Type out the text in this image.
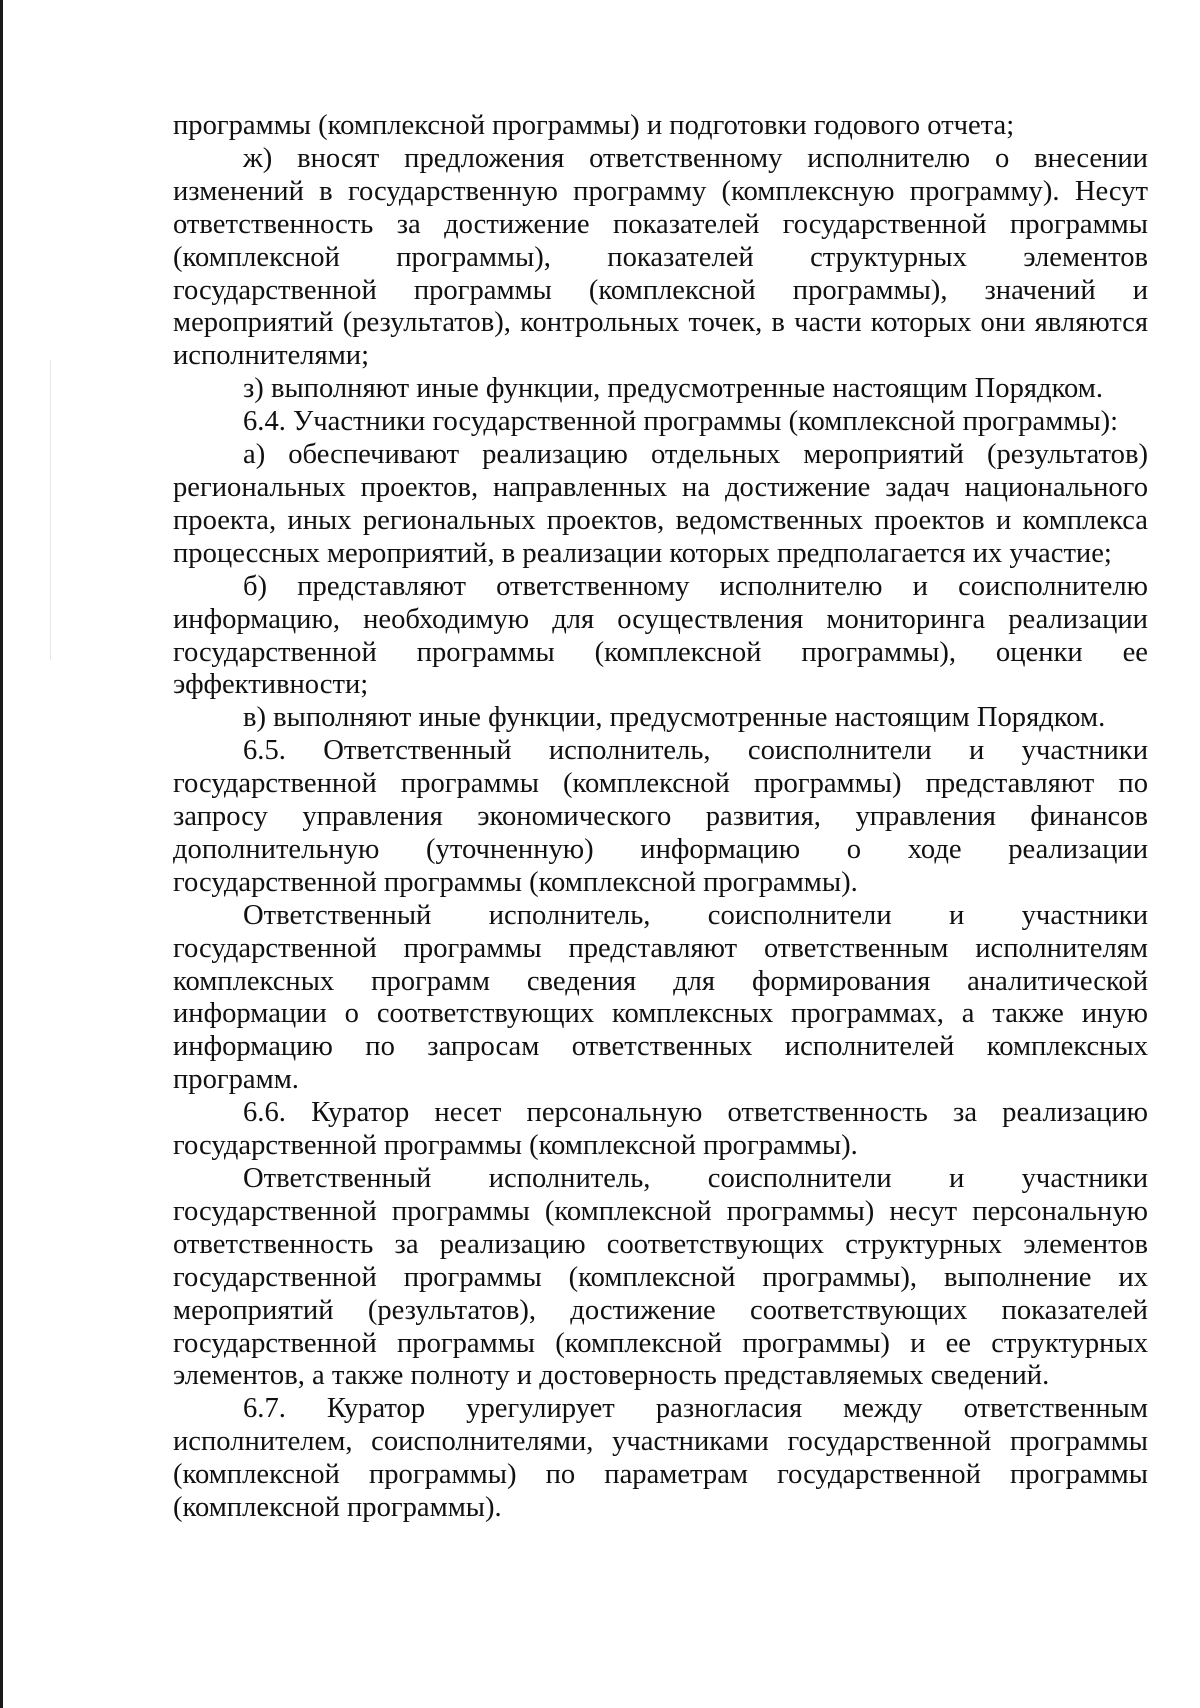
программы (комплексной программы) и подготовки годового отчета;

ж) вносят предложения ответственному исполнителю о внесении изменений в государственную программу (комплексную программу). Несут ответственность за достижение показателей государственной программы (комплексной программы), показателей структурных элементов государственной программы (комплексной программы), значений и мероприятий (результатов), контрольных точек, в части которых они являются исполнителями;

з) выполняют иные функции, предусмотренные настоящим Порядком.

6.4. Участники государственной программы (комплексной программы):

а) обеспечивают реализацию отдельных мероприятий (результатов) региональных проектов, направленных на достижение задач национального проекта, иных региональных проектов, ведомственных проектов и комплекса процессных мероприятий, в реализации которых предполагается их участие;

б) представляют ответственному исполнителю и соисполнителю информацию, необходимую для осуществления мониторинга реализации государственной программы (комплексной программы), оценки ее эффективности;

в) выполняют иные функции, предусмотренные настоящим Порядком.

6.5. Ответственный исполнитель, соисполнители и участники государственной программы (комплексной программы) представляют по запросу управления экономического развития, управления финансов дополнительную (уточненную) информацию о ходе реализации государственной программы (комплексной программы).

Ответственный исполнитель, соисполнители и участники государственной программы представляют ответственным исполнителям комплексных программ сведения для формирования аналитической информации о соответствующих комплексных программах, а также иную информацию по запросам ответственных исполнителей комплексных программ.

6.6. Куратор несет персональную ответственность за реализацию государственной программы (комплексной программы).

Ответственный исполнитель, соисполнители и участники государственной программы (комплексной программы) несут персональную ответственность за реализацию соответствующих структурных элементов государственной программы (комплексной программы), выполнение их мероприятий (результатов), достижение соответствующих показателей государственной программы (комплексной программы) и ее структурных элементов, а также полноту и достоверность представляемых сведений.

6.7. Куратор урегулирует разногласия между ответственным исполнителем, соисполнителями, участниками государственной программы (комплексной программы) по параметрам государственной программы (комплексной программы).
